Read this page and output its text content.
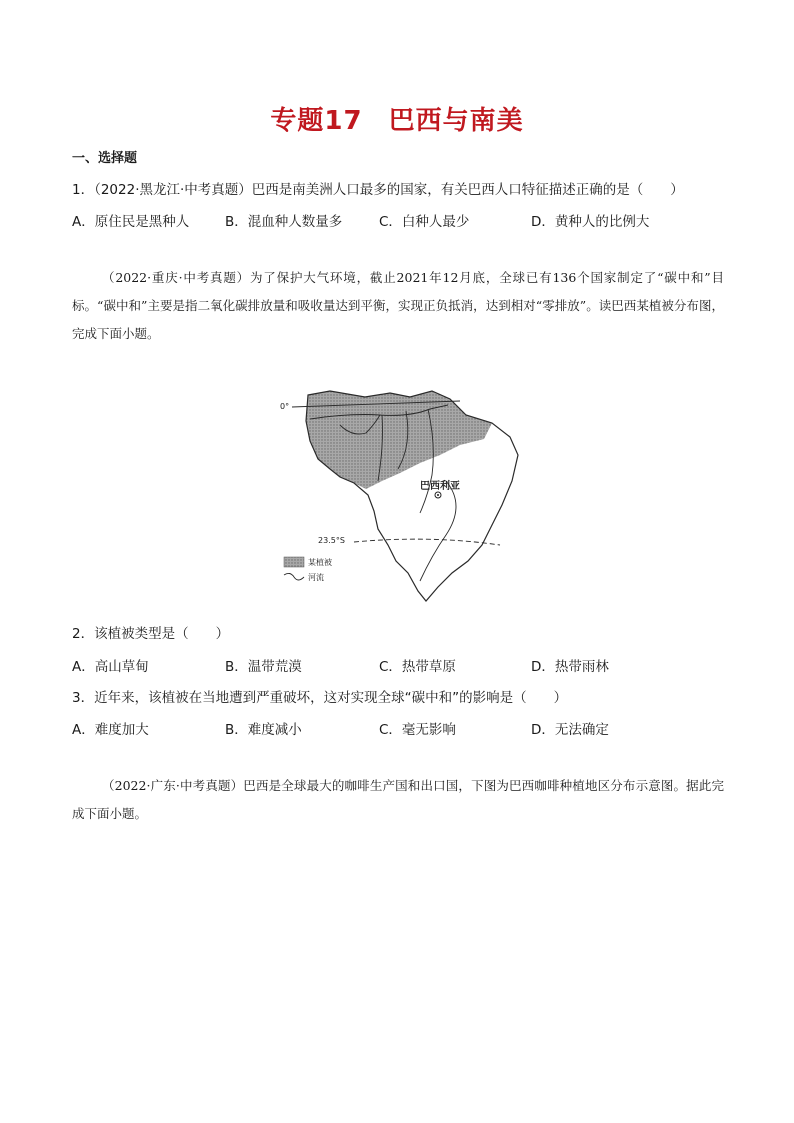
专题17 巴西与南美
一、选择题
1．（2022·黑龙江·中考真题）巴西是南美洲人口最多的国家，有关巴西人口特征描述正确的是（　　）
A．原住民是黑种人	B．混血种人数量多	C．白种人最少	D．黄种人的比例大
（2022·重庆·中考真题）为了保护大气环境，截止2021年12月底，全球已有136个国家制定了“碳中和”目标。“碳中和”主要是指二氧化碳排放量和吸收量达到平衡，实现正负抵消，达到相对“零排放”。读巴西某植被分布图，完成下面小题。
0°
23.5°S
巴西利亚
某植被
河流
2．该植被类型是（　　）
A．高山草甸	B．温带荒漠	C．热带草原	D．热带雨林
3．近年来，该植被在当地遭到严重破坏，这对实现全球“碳中和”的影响是（　　）
A．难度加大	B．难度减小	C．毫无影响	D．无法确定
（2022·广东·中考真题）巴西是全球最大的咖啡生产国和出口国，下图为巴西咖啡种植地区分布示意图。据此完成下面小题。
